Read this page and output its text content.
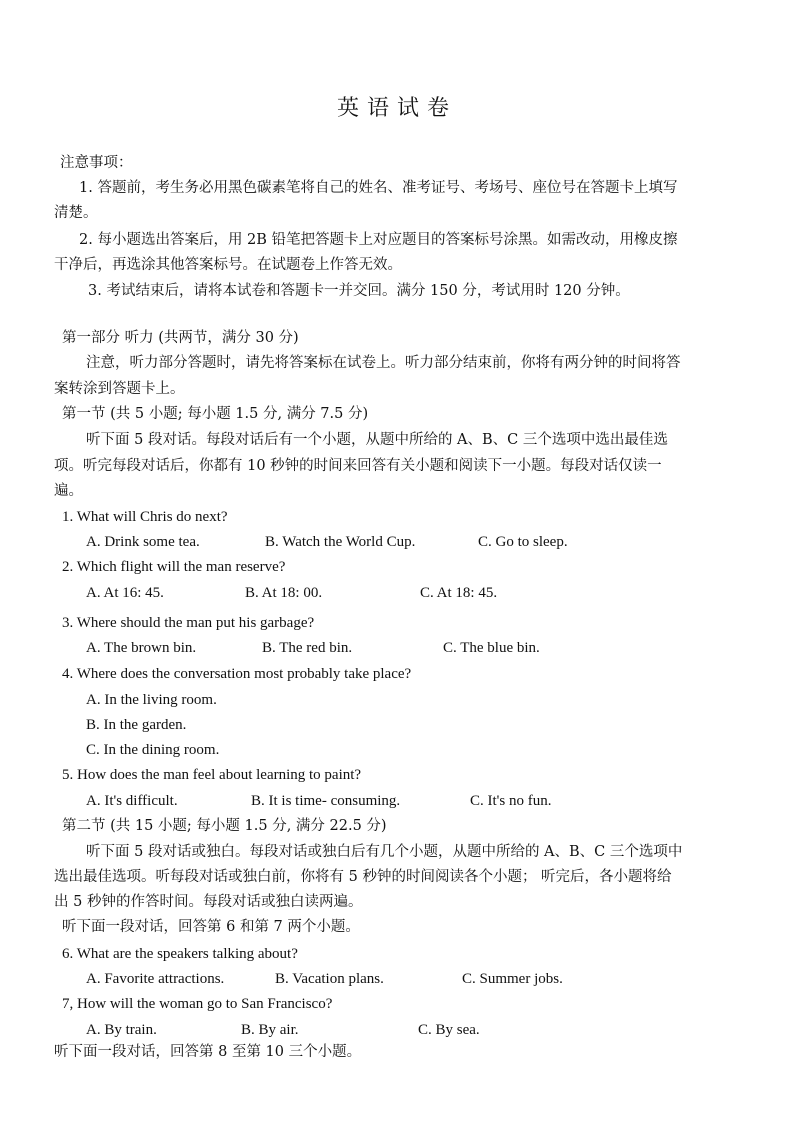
英语试卷
注意事项：
1. 答题前，考生务必用黑色碳素笔将自己的姓名、准考证号、考场号、座位号在答题卡上填写
清楚。
2. 每小题选出答案后，用 2B 铅笔把答题卡上对应题目的答案标号涂黑。如需改动，用橡皮擦
干净后，再选涂其他答案标号。在试题卷上作答无效。
3. 考试结束后，请将本试卷和答题卡一并交回。满分 150 分，考试用时 120 分钟。
第一部分 听力 (共两节，满分 30 分)
注意，听力部分答题时，请先将答案标在试卷上。听力部分结束前，你将有两分钟的时间将答
案转涂到答题卡上。
第一节 (共 5 小题; 每小题 1.5 分, 满分 7.5 分)
听下面 5 段对话。每段对话后有一个小题，从题中所给的 A、B、C 三个选项中选出最佳选
项。听完每段对话后，你都有 10 秒钟的时间来回答有关小题和阅读下一小题。每段对话仅读一
遍。
1. What will Chris do next?
A. Drink some tea.	B. Watch the World Cup.	C. Go to sleep.
2. Which flight will the man reserve?
A. At 16: 45.	B. At 18: 00.	C. At 18: 45.
3. Where should the man put his garbage?
A. The brown bin.	B. The red bin.	C. The blue bin.
4. Where does the conversation most probably take place?
A. In the living room.
B. In the garden.
C. In the dining room.
5. How does the man feel about learning to paint?
A. It's difficult.	B. It is time- consuming.	C. It's no fun.
第二节 (共 15 小题; 每小题 1.5 分, 满分 22.5 分)
听下面 5 段对话或独白。每段对话或独白后有几个小题，从题中所给的 A、B、C 三个选项中
选出最佳选项。听每段对话或独白前，你将有 5 秒钟的时间阅读各个小题； 听完后，各小题将给
出 5 秒钟的作答时间。每段对话或独白读两遍。
听下面一段对话，回答第 6 和第 7 两个小题。
6. What are the speakers talking about?
A. Favorite attractions.	B. Vacation plans.	C. Summer jobs.
7, How will the woman go to San Francisco?
A. By train.	B. By air.	C. By sea.
听下面一段对话，回答第 8 至第 10 三个小题。
